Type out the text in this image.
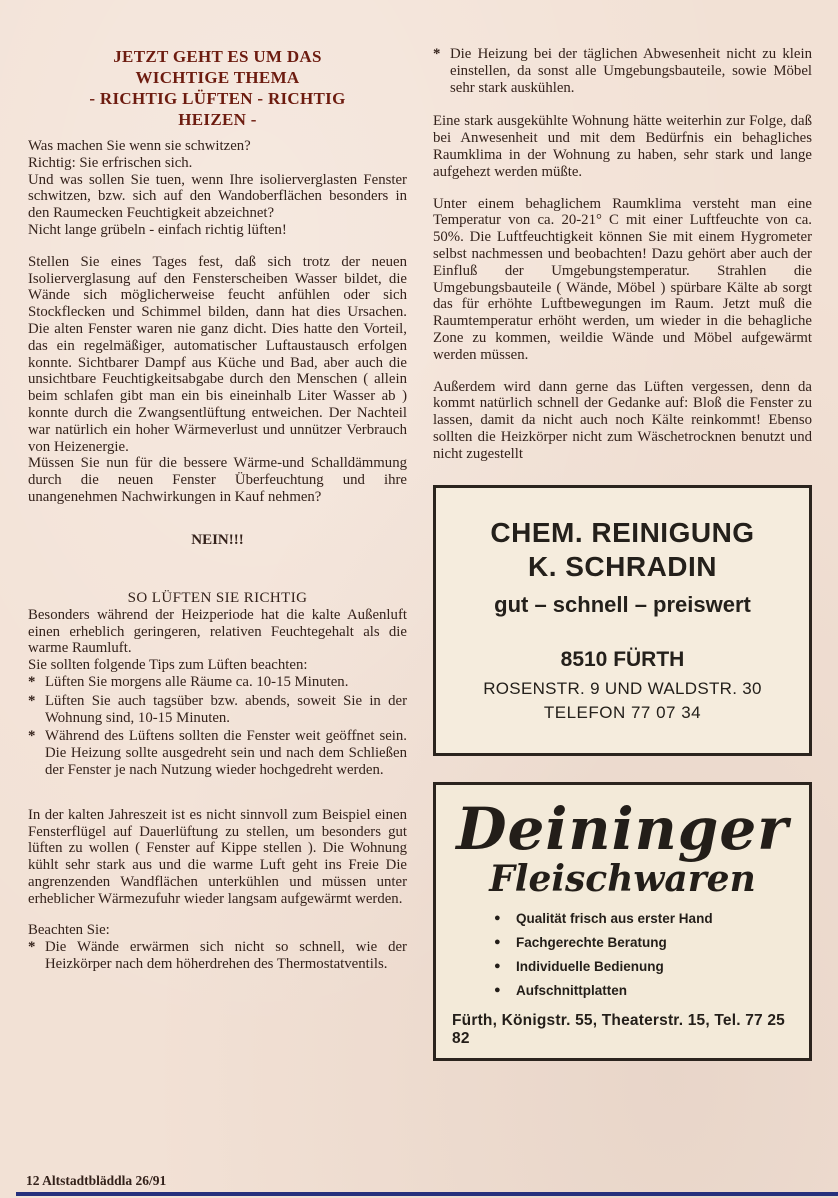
JETZT GEHT ES UM DAS
WICHTIGE THEMA
- RICHTIG LÜFTEN - RICHTIG
HEIZEN -
Was machen Sie wenn sie schwitzen?
Richtig: Sie erfrischen sich.
Und was sollen Sie tuen, wenn Ihre isolierverglasten Fenster schwitzen, bzw. sich auf den Wandoberflächen besonders in den Raumecken Feuchtigkeit abzeichnet?
Nicht lange grübeln - einfach richtig lüften!
Stellen Sie eines Tages fest, daß sich trotz der neuen Isolierverglasung auf den Fensterscheiben Wasser bildet, die Wände sich möglicherweise feucht anfühlen oder sich Stockflecken und Schimmel bilden, dann hat dies Ursachen. Die alten Fenster waren nie ganz dicht. Dies hatte den Vorteil, das ein regelmäßiger, automatischer Luftaustausch erfolgen konnte. Sichtbarer Dampf aus Küche und Bad, aber auch die unsichtbare Feuchtigkeitsabgabe durch den Menschen ( allein beim schlafen gibt man ein bis eineinhalb Liter Wasser ab ) konnte durch die Zwangsentlüftung entweichen. Der Nachteil war natürlich ein hoher Wärmeverlust und unnützer Verbrauch von Heizenergie.
Müssen Sie nun für die bessere Wärme-und Schalldämmung durch die neuen Fenster Überfeuchtung und ihre unangenehmen Nachwirkungen in Kauf nehmen?
NEIN!!!
SO LÜFTEN SIE RICHTIG
Besonders während der Heizperiode hat die kalte Außenluft einen erheblich geringeren, relativen Feuchtegehalt als die warme Raumluft.
Sie sollten folgende Tips zum Lüften beachten:
* Lüften Sie morgens alle Räume ca. 10-15 Minuten.
* Lüften Sie auch tagsüber bzw. abends, soweit Sie in der Wohnung sind, 10-15 Minuten.
* Während des Lüftens sollten die Fenster weit geöffnet sein. Die Heizung sollte ausgedreht sein und nach dem Schließen der Fenster je nach Nutzung wieder hochgedreht werden.
In der kalten Jahreszeit ist es nicht sinnvoll zum Beispiel einen Fensterflügel auf Dauerlüftung zu stellen, um besonders gut lüften zu wollen ( Fenster auf Kippe stellen ). Die Wohnung kühlt sehr stark aus und die warme Luft geht ins Freie Die angrenzenden Wandflächen unterkühlen und müssen unter erheblicher Wärmezufuhr wieder langsam aufgewärmt werden.
Beachten Sie:
* Die Wände erwärmen sich nicht so schnell, wie der Heizkörper nach dem höherdrehen des Thermostatventils.
* Die Heizung bei der täglichen Abwesenheit nicht zu klein einstellen, da sonst alle Umgebungsbauteile, sowie Möbel sehr stark auskühlen.
Eine stark ausgekühlte Wohnung hätte weiterhin zur Folge, daß bei Anwesenheit und mit dem Bedürfnis ein behagliches Raumklima in der Wohnung zu haben, sehr stark und lange aufgehezt werden müßte.
Unter einem behaglichem Raumklima versteht man eine Temperatur von ca. 20-21° C mit einer Luftfeuchte von ca. 50%. Die Luftfeuchtigkeit können Sie mit einem Hygrometer selbst nachmessen und beobachten! Dazu gehört aber auch der Einfluß der Umgebungstemperatur. Strahlen die Umgebungsbauteile ( Wände, Möbel ) spürbare Kälte ab sorgt das für erhöhte Luftbewegungen im Raum. Jetzt muß die Raumtemperatur erhöht werden, um wieder in die behagliche Zone zu kommen, weildie Wände und Möbel aufgewärmt werden müssen.
Außerdem wird dann gerne das Lüften vergessen, denn da kommt natürlich schnell der Gedanke auf: Bloß die Fenster zu lassen, damit da nicht auch noch Kälte reinkommt! Ebenso sollten die Heizkörper nicht zum Wäschetrocknen benutzt und nicht zugestellt
CHEM. REINIGUNG
K. SCHRADIN
gut – schnell – preiswert
8510 FÜRTH
ROSENSTR. 9 UND WALDSTR. 30
TELEFON 77 07 34
Deininger
Fleischwaren
●	Qualität frisch aus erster Hand
●	Fachgerechte Beratung
●	Individuelle Bedienung
●	Aufschnittplatten
Fürth, Königstr. 55, Theaterstr. 15, Tel. 77 25 82
12 Altstadtbläddla 26/91
